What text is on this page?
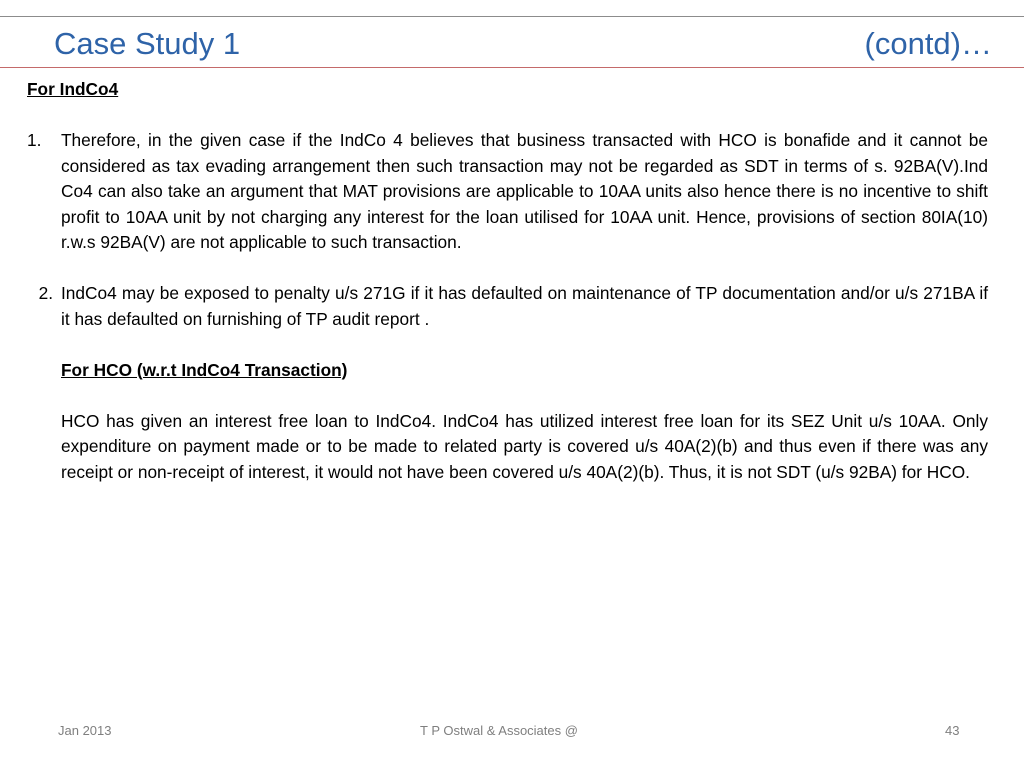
Case Study 1	(contd)…
For IndCo4
1.	Therefore, in the given case if the IndCo 4 believes that business transacted with HCO is bonafide and it cannot be considered as tax evading arrangement then such transaction may not be regarded as SDT in terms of s. 92BA(V).Ind Co4 can also take an argument that MAT provisions are applicable to 10AA units also hence there is no incentive to shift profit to 10AA unit by not charging any interest for the loan utilised for 10AA unit. Hence, provisions of section 80IA(10) r.w.s 92BA(V) are not applicable to such transaction.
2. IndCo4 may be exposed to penalty u/s 271G if it has defaulted on maintenance of TP documentation and/or u/s 271BA if it has defaulted on furnishing of TP audit report .
For HCO (w.r.t IndCo4 Transaction)
HCO has given an interest free loan to IndCo4. IndCo4 has utilized interest free loan for its SEZ Unit u/s 10AA. Only expenditure on payment made or to be made to related party is covered u/s 40A(2)(b) and thus even if there was any receipt or non-receipt of interest, it would not have been covered u/s 40A(2)(b). Thus, it is not SDT (u/s 92BA) for HCO.
Jan 2013	T P Ostwal & Associates @	43
